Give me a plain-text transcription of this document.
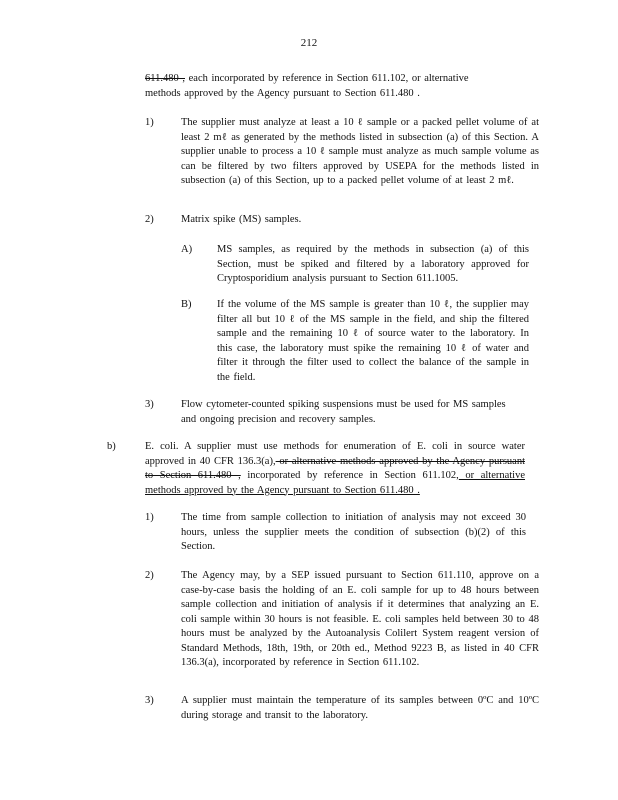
212
611.480 , each incorporated by reference in Section 611.102, or alternative methods approved by the Agency pursuant to Section 611.480 .
1)	The supplier must analyze at least a 10 ℓ sample or a packed pellet volume of at least 2 mℓ as generated by the methods listed in subsection (a) of this Section. A supplier unable to process a 10 ℓ sample must analyze as much sample volume as can be filtered by two filters approved by USEPA for the methods listed in subsection (a) of this Section, up to a packed pellet volume of at least 2 mℓ.
2)	Matrix spike (MS) samples.
A) MS samples, as required by the methods in subsection (a) of this Section, must be spiked and filtered by a laboratory approved for Cryptosporidium analysis pursuant to Section 611.1005.
B) If the volume of the MS sample is greater than 10 ℓ, the supplier may filter all but 10 ℓ of the MS sample in the field, and ship the filtered sample and the remaining 10 ℓ of source water to the laboratory. In this case, the laboratory must spike the remaining 10 ℓ of water and filter it through the filter used to collect the balance of the sample in the field.
3)	Flow cytometer-counted spiking suspensions must be used for MS samples and ongoing precision and recovery samples.
b)	E. coli. A supplier must use methods for enumeration of E. coli in source water approved in 40 CFR 136.3(a), or alternative methods approved by the Agency pursuant to Section 611.480 , incorporated by reference in Section 611.102, or alternative methods approved by the Agency pursuant to Section 611.480 .
1)	The time from sample collection to initiation of analysis may not exceed 30 hours, unless the supplier meets the condition of subsection (b)(2) of this Section.
2)	The Agency may, by a SEP issued pursuant to Section 611.110, approve on a case-by-case basis the holding of an E. coli sample for up to 48 hours between sample collection and initiation of analysis if it determines that analyzing an E. coli sample within 30 hours is not feasible. E. coli samples held between 30 to 48 hours must be analyzed by the Autoanalysis Colilert System reagent version of Standard Methods, 18th, 19th, or 20th ed., Method 9223 B, as listed in 40 CFR 136.3(a), incorporated by reference in Section 611.102.
3)	A supplier must maintain the temperature of its samples between 0ºC and 10ºC during storage and transit to the laboratory.
